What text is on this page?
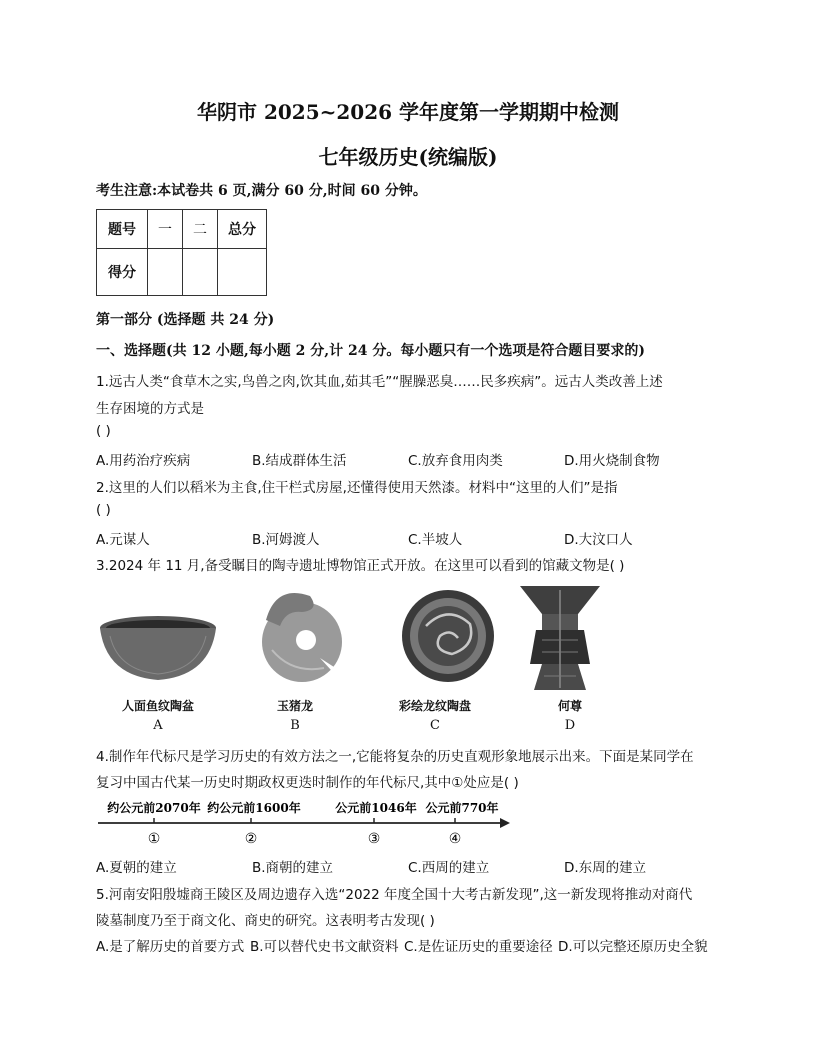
华阴市 2025~2026 学年度第一学期期中检测
七年级历史(统编版)
考生注意:本试卷共 6 页,满分 60 分,时间 60 分钟。
题号	一	二	总分
得分			
第一部分 (选择题 共 24 分)
一、选择题(共 12 小题,每小题 2 分,计 24 分。每小题只有一个选项是符合题目要求的)
1.远古人类“食草木之实,鸟兽之肉,饮其血,茹其毛”“腥臊恶臭……民多疾病”。远古人类改善上述
生存困境的方式是
( )
A.用药治疗疾病	B.结成群体生活	C.放弃食用肉类	D.用火烧制食物
2.这里的人们以稻米为主食,住干栏式房屋,还懂得使用天然漆。材料中“这里的人们”是指
( )
A.元谋人	B.河姆渡人	C.半坡人	D.大汶口人
3.2024 年 11 月,备受瞩目的陶寺遗址博物馆正式开放。在这里可以看到的馆藏文物是( )
人面鱼纹陶盆	玉猪龙	彩绘龙纹陶盘	何尊
A	B	C	D
4.制作年代标尺是学习历史的有效方法之一,它能将复杂的历史直观形象地展示出来。下面是某同学在
复习中国古代某一历史时期政权更迭时制作的年代标尺,其中①处应是( )
约公元前2070年 约公元前1600年	公元前1046年 公元前770年
①	②	③	④
A.夏朝的建立	B.商朝的建立	C.西周的建立	D.东周的建立
5.河南安阳殷墟商王陵区及周边遗存入选“2022 年度全国十大考古新发现”,这一新发现将推动对商代
陵墓制度乃至于商文化、商史的研究。这表明考古发现( )
A.是了解历史的首要方式 B.可以替代史书文献资料 C.是佐证历史的重要途径 D.可以完整还原历史全貌
